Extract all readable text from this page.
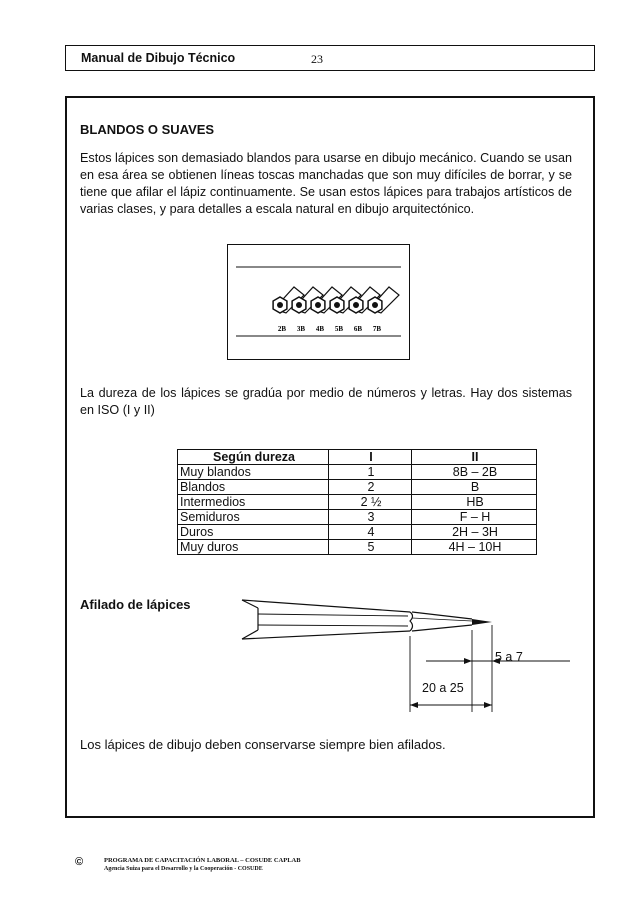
Manual de Dibujo Técnico	23
BLANDOS O SUAVES
Estos lápices son demasiado blandos para usarse en dibujo mecánico. Cuando se usan en esa área se obtienen líneas toscas manchadas que son muy difíciles de borrar, y se tiene que afilar el lápiz continuamente. Se usan estos lápices para trabajos artísticos de varias clases, y para detalles a escala natural en dibujo arquitectónico.
2B 3B 4B 5B 6B 7B
La dureza de los lápices se gradúa por medio de números y letras. Hay dos sistemas en ISO (I y II)
Según dureza	I	II
Muy blandos	1	8B – 2B
Blandos	2	B
Intermedios	2 ½	HB
Semiduros	3	F – H
Duros	4	2H – 3H
Muy duros	5	4H – 10H
Afilado de lápices
5 a 7
20 a 25
Los lápices de dibujo deben conservarse siempre bien afilados.
©	PROGRAMA DE CAPACITACIÓN LABORAL – COSUDE CAPLAB
Agencia Suiza para el Desarrollo y la Cooperación - COSUDE
